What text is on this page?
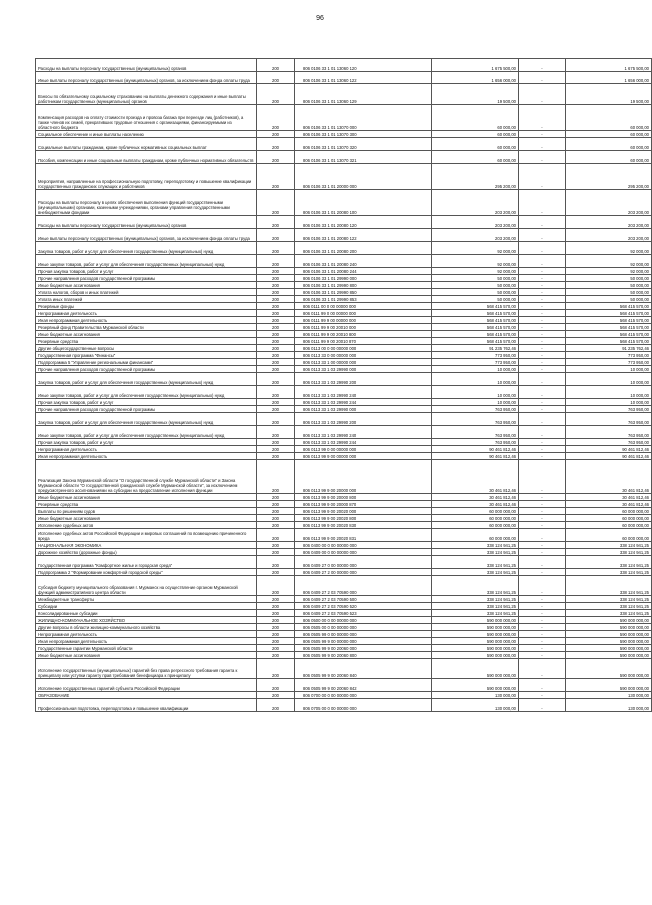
96
Расходы на выплаты персоналу государственных (муниципальных) органов	200	806 0106 33 1 01 13060 120	1 675 500,00	-	1 675 500,00
Иные выплаты персоналу государственных (муниципальных) органов, за исключением фонда оплаты труда	200	806 0106 33 1 01 13060 122	1 656 000,00	-	1 656 000,00
Взносы по обязательному социальному страхованию на выплаты денежного содержания и иные выплаты работникам государственных (муниципальных) органов	200	806 0106 33 1 01 13060 129	19 500,00	-	19 500,00
Компенсация расходов на оплату стоимости проезда и провоза багажа при переезде лиц (работников), а также членов их семей, прекративших трудовые отношения с организациями, финансируемыми из областного бюджета	200	806 0106 33 1 01 13070 000	60 000,00	-	60 000,00
Социальное обеспечение и иные выплаты населению	200	806 0106 33 1 01 13070 300	60 000,00	-	60 000,00
Социальные выплаты гражданам, кроме публичных нормативных социальных выплат	200	806 0106 33 1 01 13070 320	60 000,00	-	60 000,00
Пособия, компенсации и иные социальные выплаты гражданам, кроме публичных нормативных обязательств	200	806 0106 33 1 01 13070 321	60 000,00	-	60 000,00
Мероприятия, направленные на профессиональную подготовку, переподготовку и повышение квалификации государственных гражданских служащих и работников	200	806 0106 33 1 01 20000 000	295 200,00	-	295 200,00
Расходы на выплаты персоналу в целях обеспечения выполнения функций государственными (муниципальными) органами, казенными учреждениями, органами управления государственными внебюджетными фондами	200	806 0106 33 1 01 20080 100	203 200,00	-	203 200,00
Расходы на выплаты персоналу государственных (муниципальных) органов	200	806 0106 33 1 01 20080 120	203 200,00	-	203 200,00
Иные выплаты персоналу государственных (муниципальных) органов, за исключением фонда оплаты труда	200	806 0106 33 1 01 20080 122	203 200,00	-	203 200,00
Закупка товаров, работ и услуг для обеспечения государственных (муниципальных) нужд	200	806 0106 33 1 01 20080 200	92 000,00	-	92 000,00
Иные закупки товаров, работ и услуг для обеспечения государственных (муниципальных) нужд	200	806 0106 33 1 01 20080 240	92 000,00	-	92 000,00
Прочая закупка товаров, работ и услуг	200	806 0106 33 1 01 20080 244	92 000,00	-	92 000,00
Прочие направления расходов государственной программы	200	806 0106 33 1 01 29990 000	50 000,00	-	50 000,00
Иные бюджетные ассигнования	200	806 0106 33 1 01 29990 800	50 000,00	-	50 000,00
Уплата налогов, сборов и иных платежей	200	806 0106 33 1 01 29990 850	50 000,00	-	50 000,00
Уплата иных платежей	200	806 0106 33 1 01 29990 853	50 000,00	-	50 000,00
Резервные фонды	200	806 0111 00 0 00 00000 000	568 415 570,00	-	568 415 570,00
Непрограммная деятельность	200	806 0111 99 0 00 00000 000	568 415 570,00	-	568 415 570,00
Иная непрограммная деятельность	200	806 0111 99 9 00 00000 000	568 415 570,00	-	568 415 570,00
Резервный фонд Правительства Мурманской области	200	806 0111 99 9 00 20010 000	568 415 570,00	-	568 415 570,00
Иные бюджетные ассигнования	200	806 0111 99 9 00 20010 800	568 415 570,00	-	568 415 570,00
Резервные средства	200	806 0111 99 9 00 20010 870	568 415 570,00	-	568 415 570,00
Другие общегосударственные вопросы	200	806 0113 00 0 00 00000 000	91 235 762,46	-	91 235 762,46
Государственная программа "Финансы"	200	806 0113 33 0 00 00000 000	773 950,00	-	773 950,00
Подпрограмма 5 "Управление региональными финансами"	200	806 0113 33 1 00 00000 000	773 950,00	-	773 950,00
Прочие направления расходов государственной программы	200	806 0113 33 1 03 29990 000	10 000,00	-	10 000,00
Закупка товаров, работ и услуг для обеспечения государственных (муниципальных) нужд	200	806 0113 33 1 03 29990 200	10 000,00	-	10 000,00
Иные закупки товаров, работ и услуг для обеспечения государственных (муниципальных) нужд	200	806 0113 33 1 03 29990 240	10 000,00	-	10 000,00
Прочая закупка товаров, работ и услуг	200	806 0113 33 1 03 29990 244	10 000,00	-	10 000,00
Прочие направления расходов государственной программы	200	806 0113 33 1 03 29990 000	763 950,00	-	763 950,00
Закупка товаров, работ и услуг для обеспечения государственных (муниципальных) нужд	200	806 0113 33 1 03 29990 200	763 950,00	-	763 950,00
Иные закупки товаров, работ и услуг для обеспечения государственных (муниципальных) нужд	200	806 0113 33 1 03 29990 240	763 950,00	-	763 950,00
Прочая закупка товаров, работ и услуг	200	806 0113 33 1 03 29990 244	763 950,00	-	763 950,00
Непрограммная деятельность	200	806 0113 99 0 00 00000 000	90 461 812,46	-	90 461 812,46
Иная непрограммная деятельность	200	806 0113 99 9 00 00000 000	90 461 812,46	-	90 461 812,46
Реализация Закона Мурманской области "О государственной службе Мурманской области" и Закона Мурманской области "О государственной гражданской службе Мурманской области", за исключением предусмотренного ассигнованиями на субсидии на предоставление исполнения функции	200	806 0113 99 9 00 20000 000	30 461 812,46	-	30 461 812,46
Иные бюджетные ассигнования	200	806 0113 99 9 00 20000 800	30 461 812,46	-	30 461 812,46
Резервные средства	200	806 0113 99 9 00 20000 870	30 461 812,46	-	30 461 812,46
Выплаты по решениям судов	200	806 0113 99 9 00 20020 000	60 000 000,00	-	60 000 000,00
Иные бюджетные ассигнования	200	806 0113 99 9 00 20020 800	60 000 000,00	-	60 000 000,00
Исполнение судебных актов	200	806 0113 99 9 00 20020 830	60 000 000,00	-	60 000 000,00
Исполнение судебных актов Российской Федерации и мировых соглашений по возмещению причиненного вреда	200	806 0113 99 9 00 20020 831	60 000 000,00	-	60 000 000,00
НАЦИОНАЛЬНАЯ ЭКОНОМИКА	200	806 0400 00 0 00 00000 000	338 124 941,25	-	338 124 941,25
Дорожное хозяйство (дорожные фонды)	200	806 0409 00 0 00 00000 000	338 124 941,25	-	338 124 941,25
Государственная программа "Комфортное жилье и городская среда"	200	806 0409 27 0 00 00000 000	338 124 941,25	-	338 124 941,25
Подпрограмма 2 "Формирование комфортной городской среды"	200	806 0409 27 2 00 00000 000	338 124 941,25	-	338 124 941,25
Субсидия бюджету муниципального образования г. Мурманск на осуществление органом Мурманской функций административного центра области	200	806 0409 27 2 03 70590 000	338 124 941,25	-	338 124 941,25
Межбюджетные трансферты	200	806 0409 27 2 03 70590 500	338 124 941,25	-	338 124 941,25
Субсидии	200	806 0409 27 2 03 70590 520	338 124 941,25	-	338 124 941,25
Консолидированные субсидии	200	806 0409 27 2 03 70590 523	338 124 941,25	-	338 124 941,25
ЖИЛИЩНО-КОММУНАЛЬНОЕ ХОЗЯЙСТВО	200	806 0500 00 0 00 00000 000	590 000 000,00	-	590 000 000,00
Другие вопросы в области жилищно-коммунального хозяйства	200	806 0505 00 0 00 00000 000	590 000 000,00	-	590 000 000,00
Непрограммная деятельность	200	806 0505 99 0 00 00000 000	590 000 000,00	-	590 000 000,00
Иная непрограммная деятельность	200	806 0505 99 9 00 00000 000	590 000 000,00	-	590 000 000,00
Государственные гарантии Мурманской области	200	806 0505 99 9 00 20060 000	590 000 000,00	-	590 000 000,00
Иные бюджетные ассигнования	200	806 0505 99 9 00 20060 800	590 000 000,00	-	590 000 000,00
Исполнение государственных (муниципальных) гарантий без права регрессного требования гаранта к принципалу или уступки гаранту прав требования бенефициара к принципалу	200	806 0505 99 9 00 20060 840	590 000 000,00	-	590 000 000,00
Исполнение государственных гарантий субъекта Российской Федерации	200	806 0505 99 9 00 20060 842	590 000 000,00	-	590 000 000,00
ОБРАЗОВАНИЕ	200	806 0700 00 0 00 00000 000	130 000,00	-	130 000,00
Профессиональная подготовка, переподготовка и повышение квалификации	200	806 0705 00 0 00 00000 000	130 000,00	-	130 000,00
